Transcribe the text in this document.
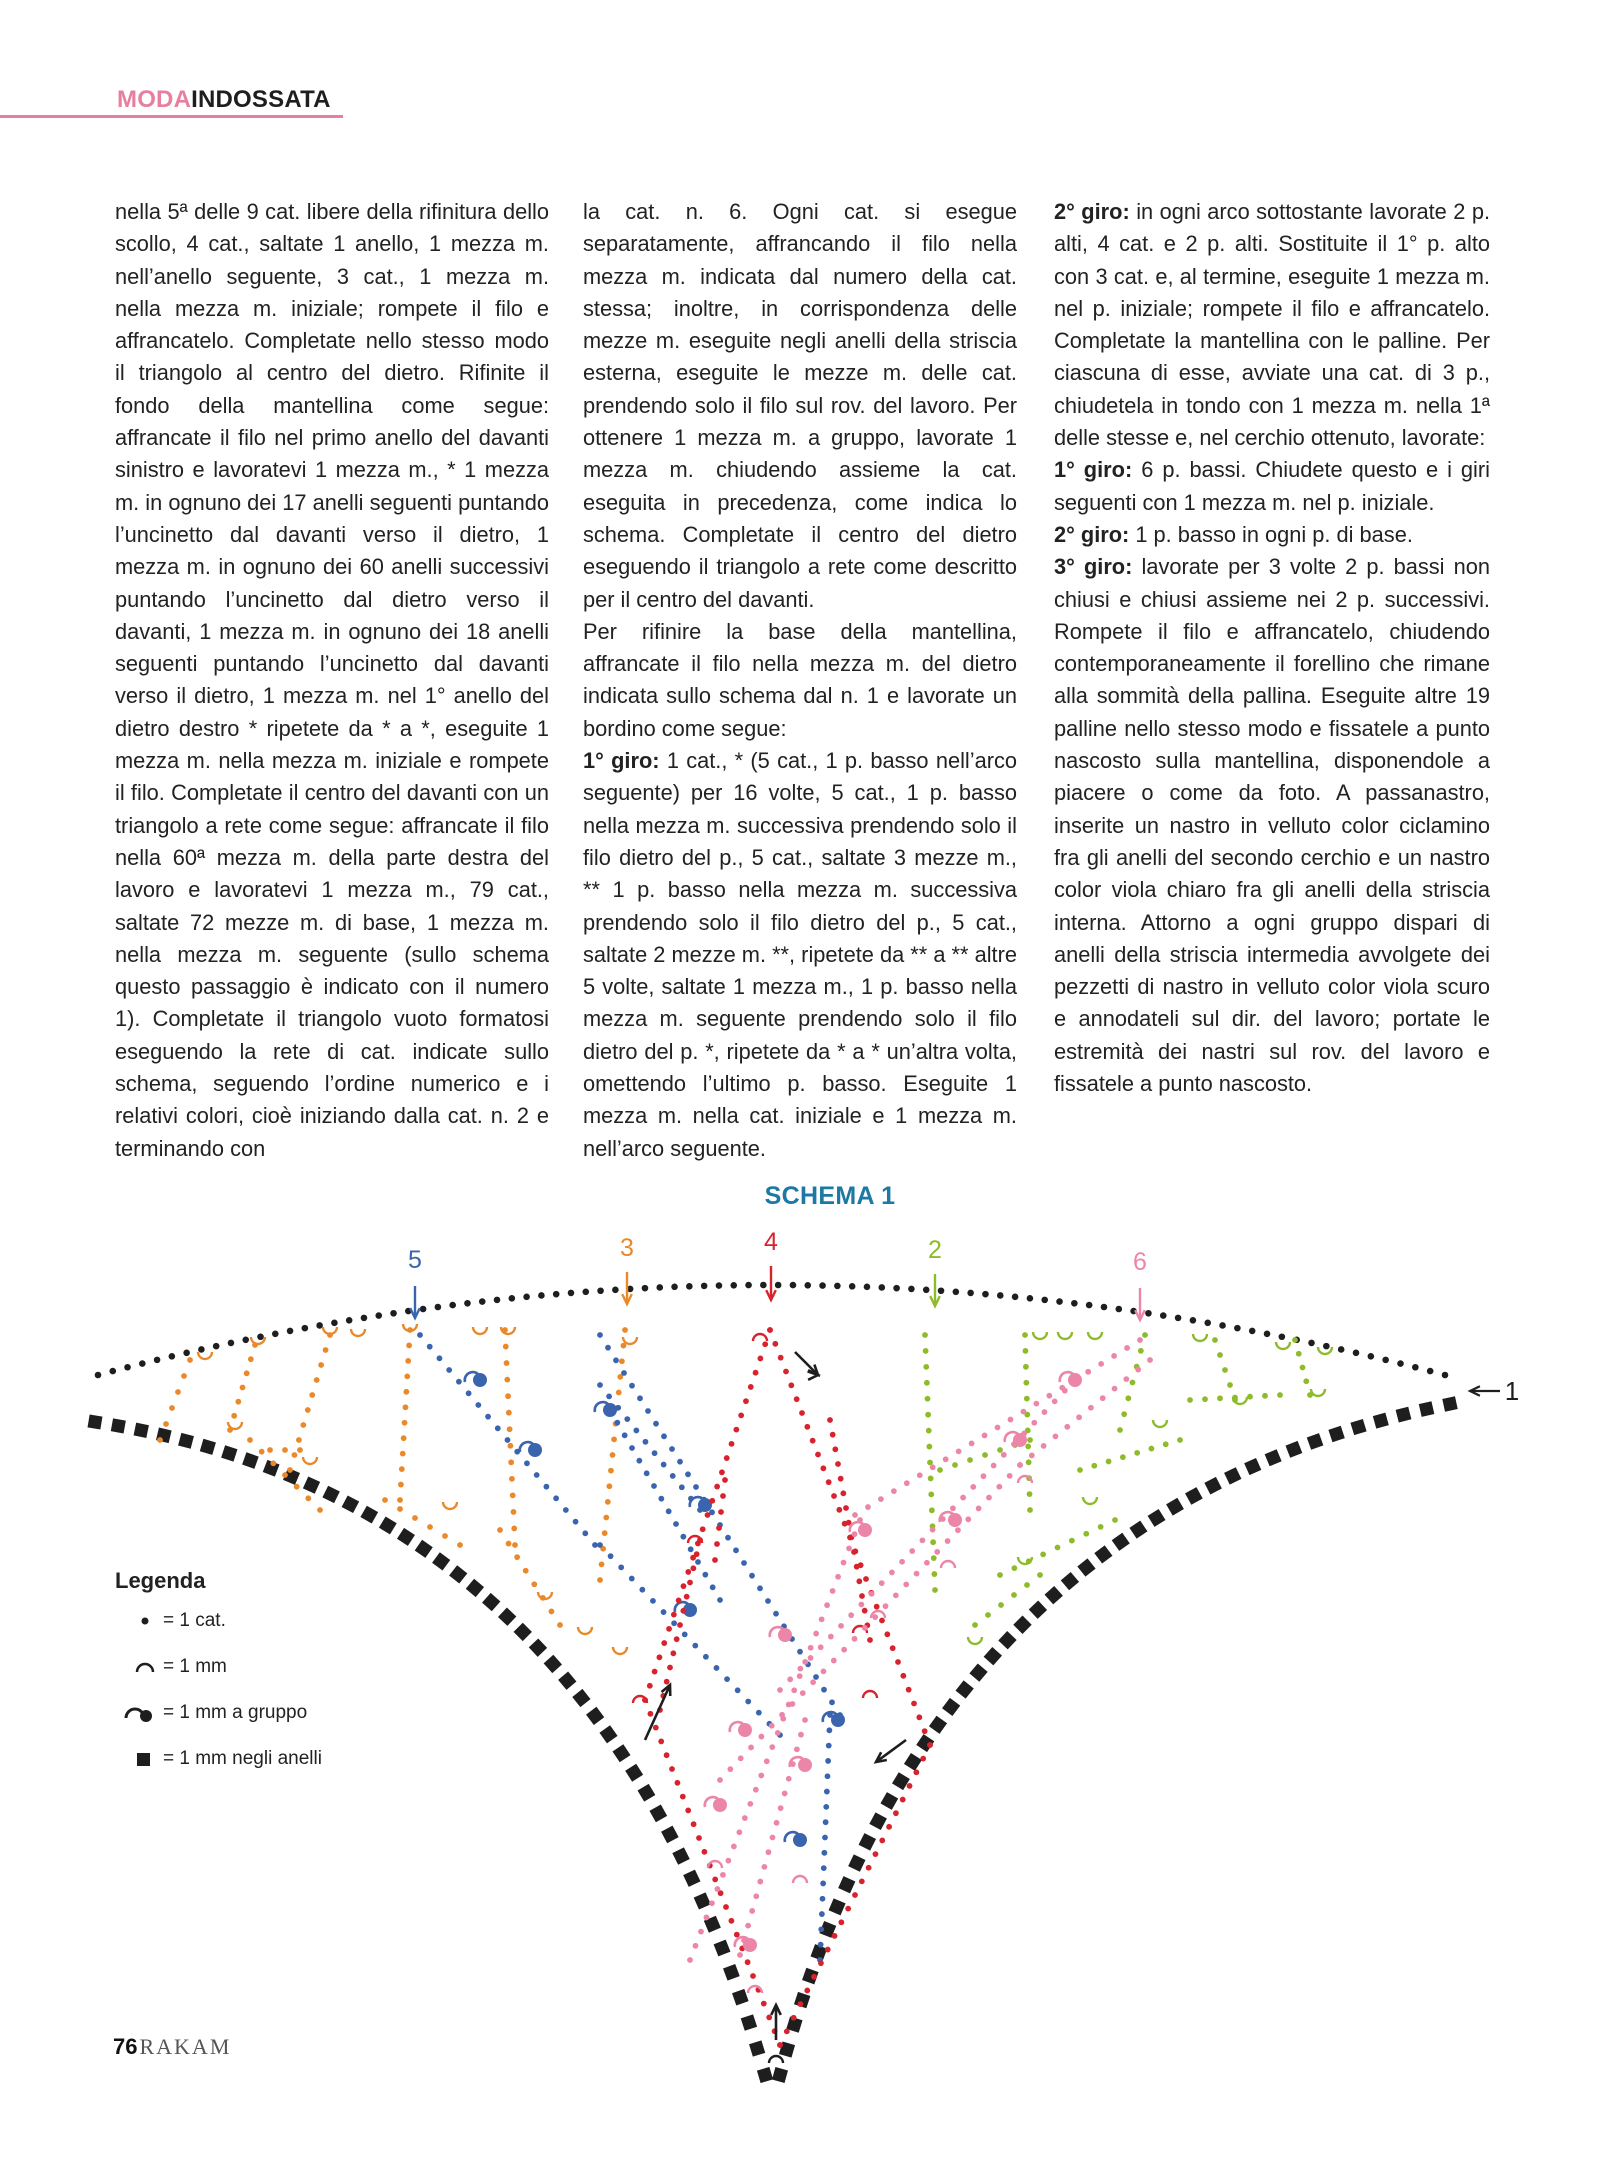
MODAINDOSSATA

nella 5ª delle 9 cat. libere della rifinitura dello scollo, 4 cat., saltate 1 anello, 1 mezza m. nell’anello seguente, 3 cat., 1 mezza m. nella mezza m. iniziale; rompete il filo e affrancatelo. Completate nello stesso modo il triangolo al centro del dietro. Rifinite il fondo della mantellina come segue: affrancate il filo nel primo anello del davanti sinistro e lavoratevi 1 mezza m., * 1 mezza m. in ognuno dei 17 anelli seguenti puntando l’uncinetto dal davanti verso il dietro, 1 mezza m. in ognuno dei 60 anelli successivi puntando l’uncinetto dal dietro verso il davanti, 1 mezza m. in ognuno dei 18 anelli seguenti puntando l’uncinetto dal davanti verso il dietro, 1 mezza m. nel 1° anello del dietro destro * ripetete da * a *, eseguite 1 mezza m. nella mezza m. iniziale e rompete il filo. Completate il centro del davanti con un triangolo a rete come segue: affrancate il filo nella 60ª mezza m. della parte destra del lavoro e lavoratevi 1 mezza m., 79 cat., saltate 72 mezze m. di base, 1 mezza m. nella mezza m. seguente (sullo schema questo passaggio è indicato con il numero 1). Completate il triangolo vuoto formatosi eseguendo la rete di cat. indicate sullo schema, seguendo l’ordine numerico e i relativi colori, cioè iniziando dalla cat. n. 2 e terminando con

la cat. n. 6. Ogni cat. si esegue separatamente, affrancando il filo nella mezza m. indicata dal numero della cat. stessa; inoltre, in corrispondenza delle mezze m. eseguite negli anelli della striscia esterna, eseguite le mezze m. delle cat. prendendo solo il filo sul rov. del lavoro. Per ottenere 1 mezza m. a gruppo, lavorate 1 mezza m. chiudendo assieme la cat. eseguita in precedenza, come indica lo schema. Completate il centro del dietro eseguendo il triangolo a rete come descritto per il centro del davanti.

Per rifinire la base della mantellina, affrancate il filo nella mezza m. del dietro indicata sullo schema dal n. 1 e lavorate un bordino come segue:

1° giro: 1 cat., * (5 cat., 1 p. basso nell’arco seguente) per 16 volte, 5 cat., 1 p. basso nella mezza m. successiva prendendo solo il filo dietro del p., 5 cat., saltate 3 mezze m., ** 1 p. basso nella mezza m. successiva prendendo solo il filo dietro del p., 5 cat., saltate 2 mezze m. **, ripetete da ** a ** altre 5 volte, saltate 1 mezza m., 1 p. basso nella mezza m. seguente prendendo solo il filo dietro del p. *, ripetete da * a * un’altra volta, omettendo l’ultimo p. basso. Eseguite 1 mezza m. nella cat. iniziale e 1 mezza m. nell’arco seguente.

2° giro: in ogni arco sottostante lavorate 2 p. alti, 4 cat. e 2 p. alti. Sostituite il 1° p. alto con 3 cat. e, al termine, eseguite 1 mezza m. nel p. iniziale; rompete il filo e affrancatelo. Completate la mantellina con le palline. Per ciascuna di esse, avviate una cat. di 3 p., chiudetela in tondo con 1 mezza m. nella 1ª delle stesse e, nel cerchio ottenuto, lavorate:

1° giro: 6 p. bassi. Chiudete questo e i giri seguenti con 1 mezza m. nel p. iniziale.

2° giro: 1 p. basso in ogni p. di base.

3° giro: lavorate per 3 volte 2 p. bassi non chiusi e chiusi assieme nei 2 p. successivi. Rompete il filo e affrancatelo, chiudendo contemporaneamente il forellino che rimane alla sommità della pallina. Eseguite altre 19 palline nello stesso modo e fissatele a punto nascosto sulla mantellina, disponendole a piacere o come da foto. A passanastro, inserite un nastro in velluto color ciclamino fra gli anelli del secondo cerchio e un nastro color viola chiaro fra gli anelli della striscia interna. Attorno a ogni gruppo dispari di anelli della striscia intermedia avvolgete dei pezzetti di nastro in velluto color viola scuro e annodateli sul dir. del lavoro; portate le estremità dei nastri sul rov. del lavoro e fissatele a punto nascosto.

SCHEMA 1
5	3	4	2	6
1
Legenda
= 1 cat.
= 1 mm
= 1 mm a gruppo
= 1 mm negli anelli
76RAKAM
